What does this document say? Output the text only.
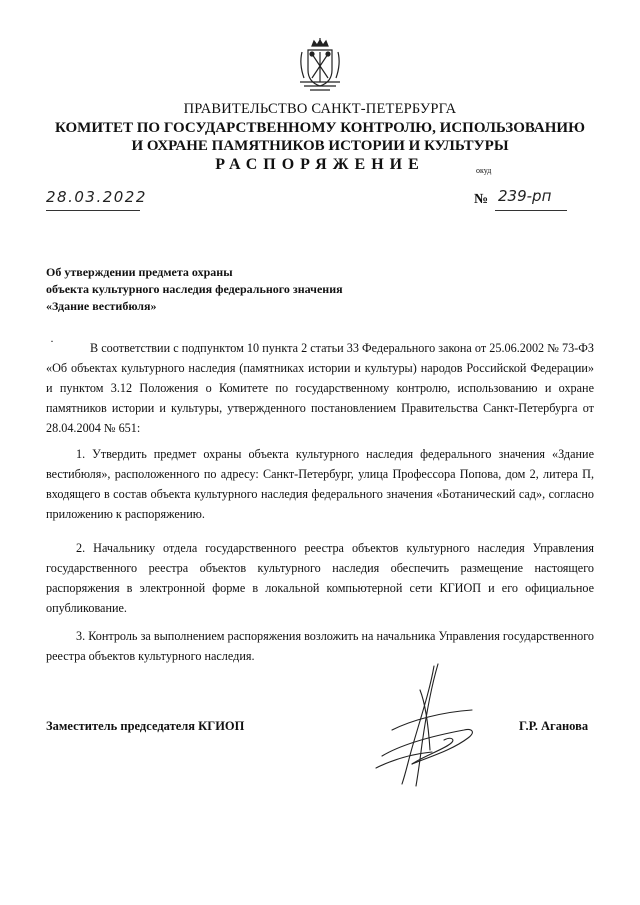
ПРАВИТЕЛЬСТВО САНКТ-ПЕТЕРБУРГА
КОМИТЕТ ПО ГОСУДАРСТВЕННОМУ КОНТРОЛЮ, ИСПОЛЬЗОВАНИЮ
И ОХРАНЕ ПАМЯТНИКОВ ИСТОРИИ И КУЛЬТУРЫ
РАСПОРЯЖЕНИЕ	окуд
28.03.2022	№ 239-рп
Об утверждении предмета охраны
объекта культурного наследия федерального значения
«Здание вестибюля»
·	В соответствии с подпунктом 10 пункта 2 статьи 33 Федерального закона от 25.06.2002 № 73-ФЗ «Об объектах культурного наследия (памятниках истории и культуры) народов Российской Федерации» и пунктом 3.12 Положения о Комитете по государственному контролю, использованию и охране памятников истории и культуры, утвержденного постановлением Правительства Санкт-Петербурга от 28.04.2004 № 651:
1. Утвердить предмет охраны объекта культурного наследия федерального значения «Здание вестибюля», расположенного по адресу: Санкт-Петербург, улица Профессора Попова, дом 2, литера П, входящего в состав объекта культурного наследия федерального значения «Ботанический сад», согласно приложению к распоряжению.
2. Начальнику отдела государственного реестра объектов культурного наследия Управления государственного реестра объектов культурного наследия обеспечить размещение настоящего распоряжения в электронной форме в локальной компьютерной сети КГИОП и его официальное опубликование.
3. Контроль за выполнением распоряжения возложить на начальника Управления государственного реестра объектов культурного наследия.
Заместитель председателя КГИОП	Г.Р. Аганова
